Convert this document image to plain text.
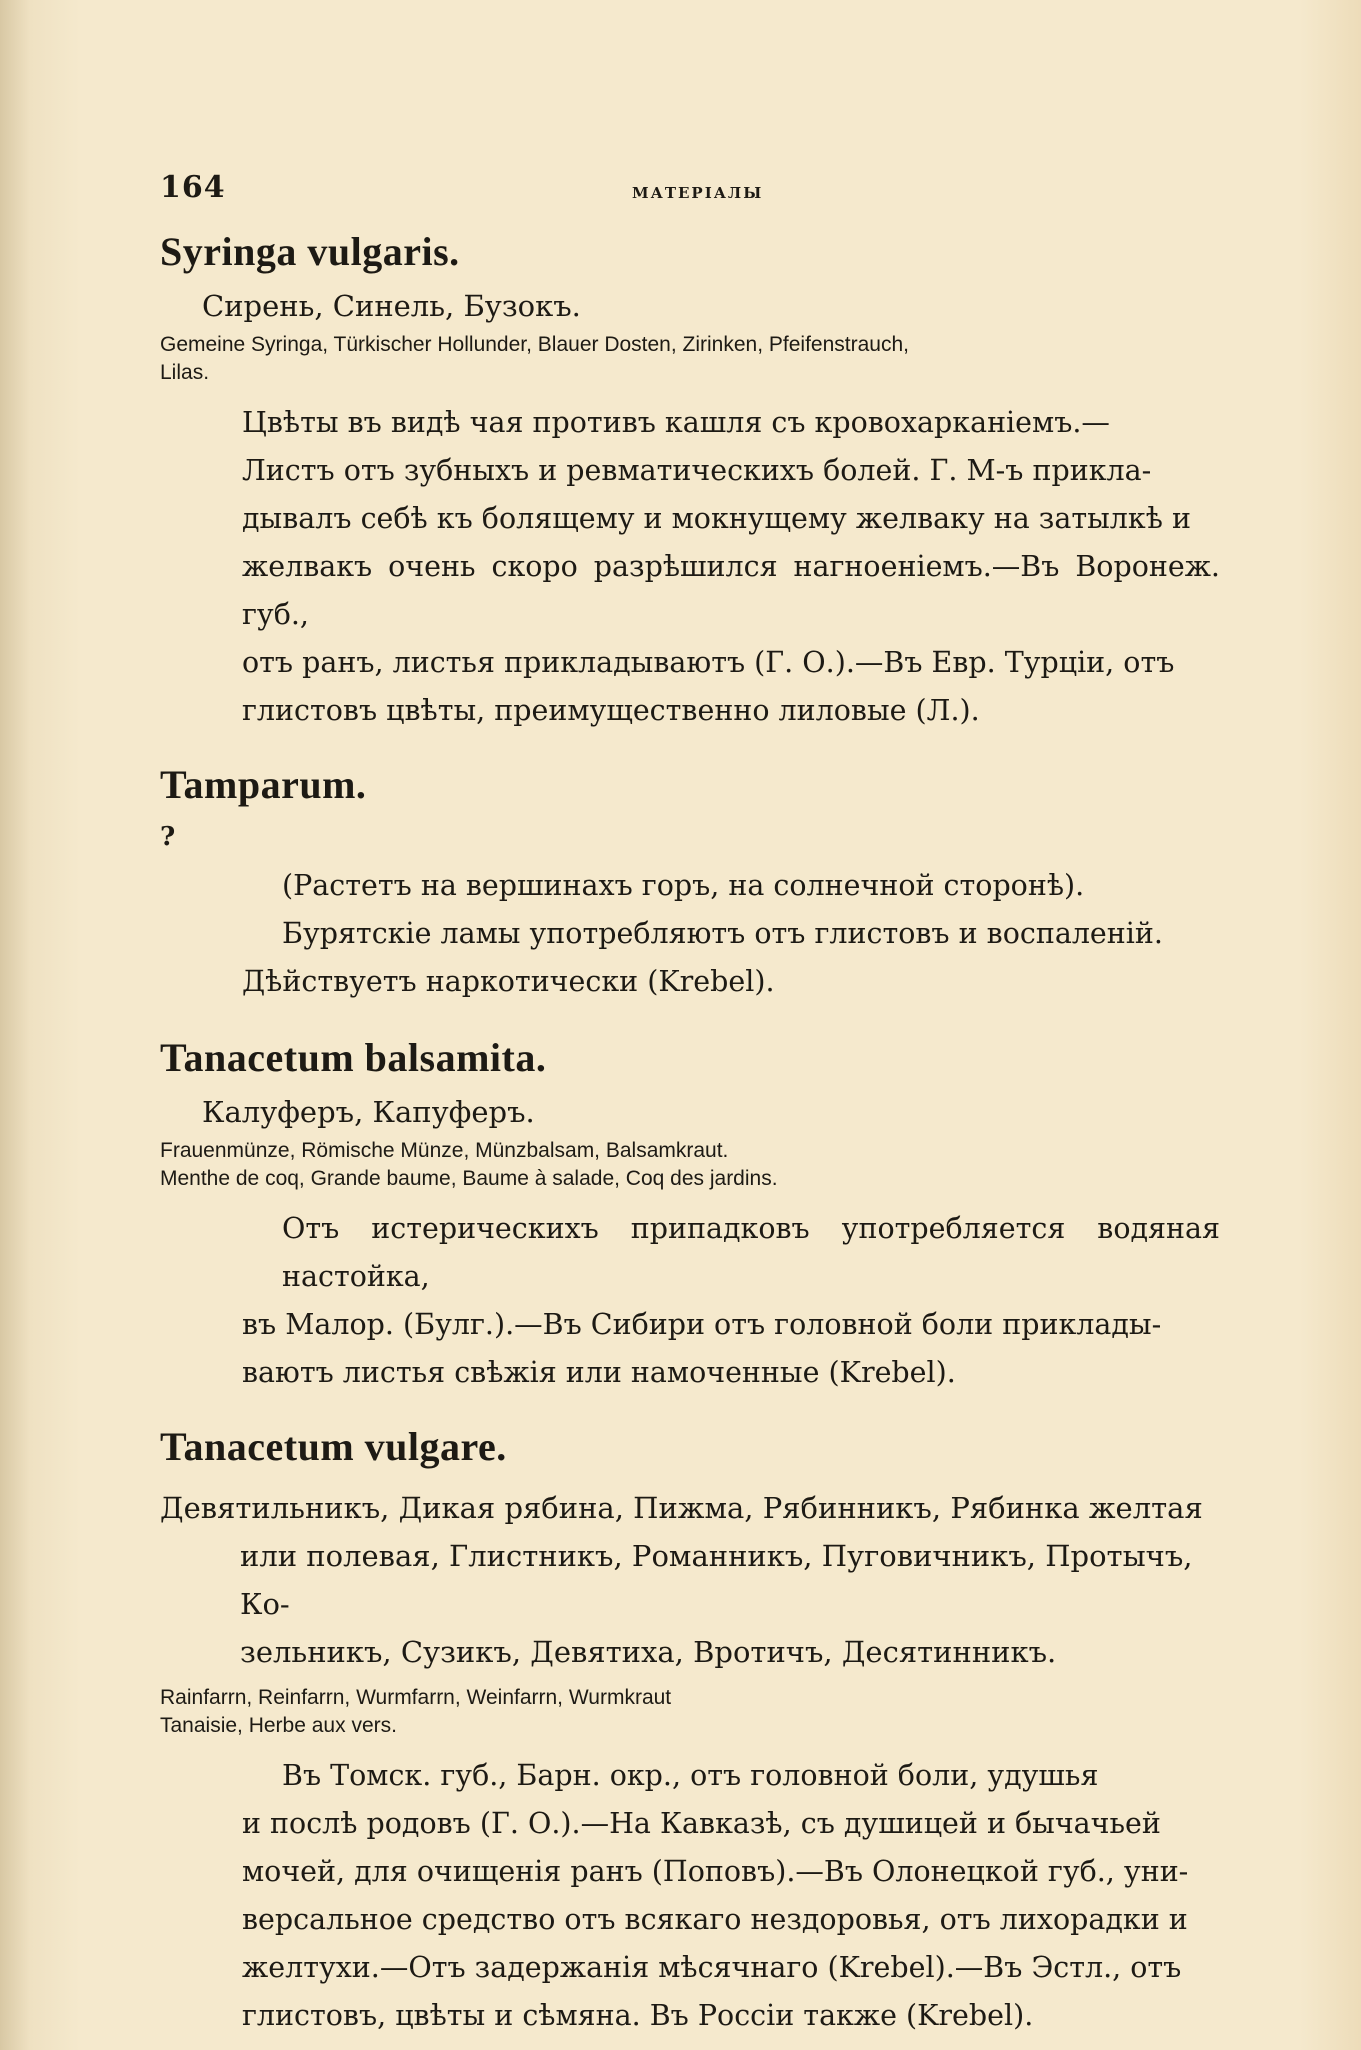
164	МАТЕРІАЛЫ
Syringa vulgaris.

Сирень, Синель, Бузокъ.

Gemeine Syringa, Türkischer Hollunder, Blauer Dosten, Zirinken, Pfeifenstrauch,

Lilas.

Цвѣты въ видѣ чая противъ кашля съ кровохарканіемъ.—
Листъ отъ зубныхъ и ревматическихъ болей. Г. М-ъ прикла-
дывалъ себѣ къ болящему и мокнущему желваку на затылкѣ и
желвакъ очень скоро разрѣшился нагноеніемъ.—Въ Воронеж. губ.,
отъ ранъ, листья прикладываютъ (Г. О.).—Въ Евр. Турціи, отъ
глистовъ цвѣты, преимущественно лиловые (Л.).
Tamparum.

?

(Растетъ на вершинахъ горъ, на солнечной сторонѣ).
Бурятскіе ламы употребляютъ отъ глистовъ и воспаленій.
Дѣйствуетъ наркотически (Krebel).
Tanacetum balsamita.

Калуферъ, Капуферъ.

Frauenmünze, Römische Münze, Münzbalsam, Balsamkraut.

Menthe de coq, Grande baume, Baume à salade, Coq des jardins.

Отъ истерическихъ припадковъ употребляется водяная настойка,
въ Малор. (Булг.).—Въ Сибири отъ головной боли приклады-
ваютъ листья свѣжія или намоченные (Krebel).
Tanacetum vulgare.
Девятильникъ, Дикая рябина, Пижма, Рябинникъ, Рябинка желтая
или полевая, Глистникъ, Романникъ, Пуговичникъ, Протычъ, Ко-
зельникъ, Сузикъ, Девятиха, Вротичъ, Десятинникъ.

Rainfarrn, Reinfarrn, Wurmfarrn, Weinfarrn, Wurmkraut

Tanaisie, Herbe aux vers.

Въ Томск. губ., Барн. окр., отъ головной боли, удушья
и послѣ родовъ (Г. О.).—На Кавказѣ, съ душицей и бычачьей
мочей, для очищенія ранъ (Поповъ).—Въ Олонецкой губ., уни-
версальное средство отъ всякаго нездоровья, отъ лихорадки и
желтухи.—Отъ задержанія мѣсячнаго (Krebel).—Въ Эстл., отъ
глистовъ, цвѣты и сѣмяна. Въ Россіи также (Krebel).
